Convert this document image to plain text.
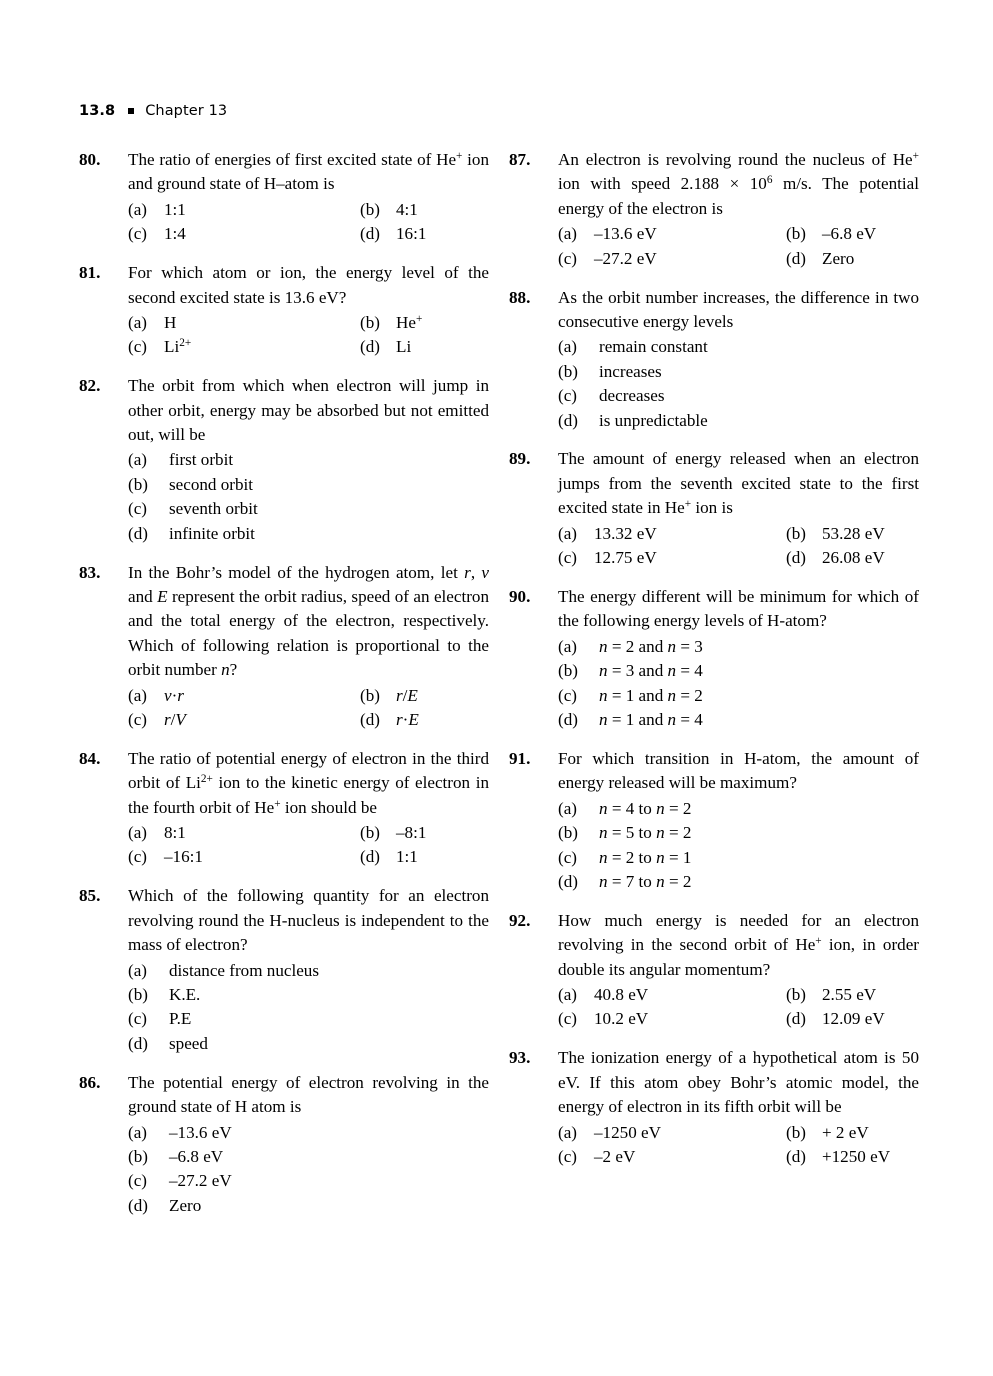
13.8 Chapter 13
80.	The ratio of energies of first excited state of He+ ion and ground state of H–atom is
(a) 1:1	(b) 4:1
(c) 1:4	(d) 16:1
81.	For which atom or ion, the energy level of the second excited state is 13.6 eV?
(a) H	(b) He+
(c) $Li^{2+}$	(d) Li
82.	The orbit from which when electron will jump in other orbit, energy may be absorbed but not emitted out, will be
(a)	first orbit
(b)	second orbit
(c)	seventh orbit
(d)	infinite orbit
83.	In the Bohr’s model of the hydrogen atom, let r, v and E represent the orbit radius, speed of an electron and the total energy of the electron, respectively. Which of following relation is proportional to the orbit number n?
(a) v·r	(b) r/E
(c) r/V	(d) r·E
84.	The ratio of potential energy of electron in the third orbit of $Li^{2+}$ ion to the kinetic energy of electron in the fourth orbit of He+ ion should be
(a) 8:1	(b) –8:1
(c) –16:1	(d) 1:1
85.	Which of the following quantity for an electron revolving round the H-nucleus is independent to the mass of electron?
(a)	distance from nucleus
(b)	K.E.
(c)	P.E
(d)	speed
86.	The potential energy of electron revolving in the ground state of H atom is
(a)	–13.6 eV
(b)	–6.8 eV
(c)	–27.2 eV
(d)	Zero
87.	An electron is revolving round the nucleus of He+ ion with speed $2.188 \times 10^6$ m/s. The potential energy of the electron is
(a) –13.6 eV	(b) –6.8 eV
(c) –27.2 eV	(d) Zero
88.	As the orbit number increases, the difference in two consecutive energy levels
(a)	remain constant
(b)	increases
(c)	decreases
(d)	is unpredictable
89.	The amount of energy released when an electron jumps from the seventh excited state to the first excited state in He+ ion is
(a) 13.32 eV	(b) 53.28 eV
(c) 12.75 eV	(d) 26.08 eV
90.	The energy different will be minimum for which of the following energy levels of H-atom?
(a)	n = 2 and n = 3
(b)	n = 3 and n = 4
(c)	n = 1 and n = 2
(d)	n = 1 and n = 4
91.	For which transition in H-atom, the amount of energy released will be maximum?
(a)	n = 4 to n = 2
(b)	n = 5 to n = 2
(c)	n = 2 to n = 1
(d)	n = 7 to n = 2
92.	How much energy is needed for an electron revolving in the second orbit of He+ ion, in order double its angular momentum?
(a) 40.8 eV	(b) 2.55 eV
(c) 10.2 eV	(d) 12.09 eV
93.	The ionization energy of a hypothetical atom is 50 eV. If this atom obey Bohr’s atomic model, the energy of electron in its fifth orbit will be
(a) –1250 eV	(b) + 2 eV
(c) –2 eV	(d) +1250 eV
